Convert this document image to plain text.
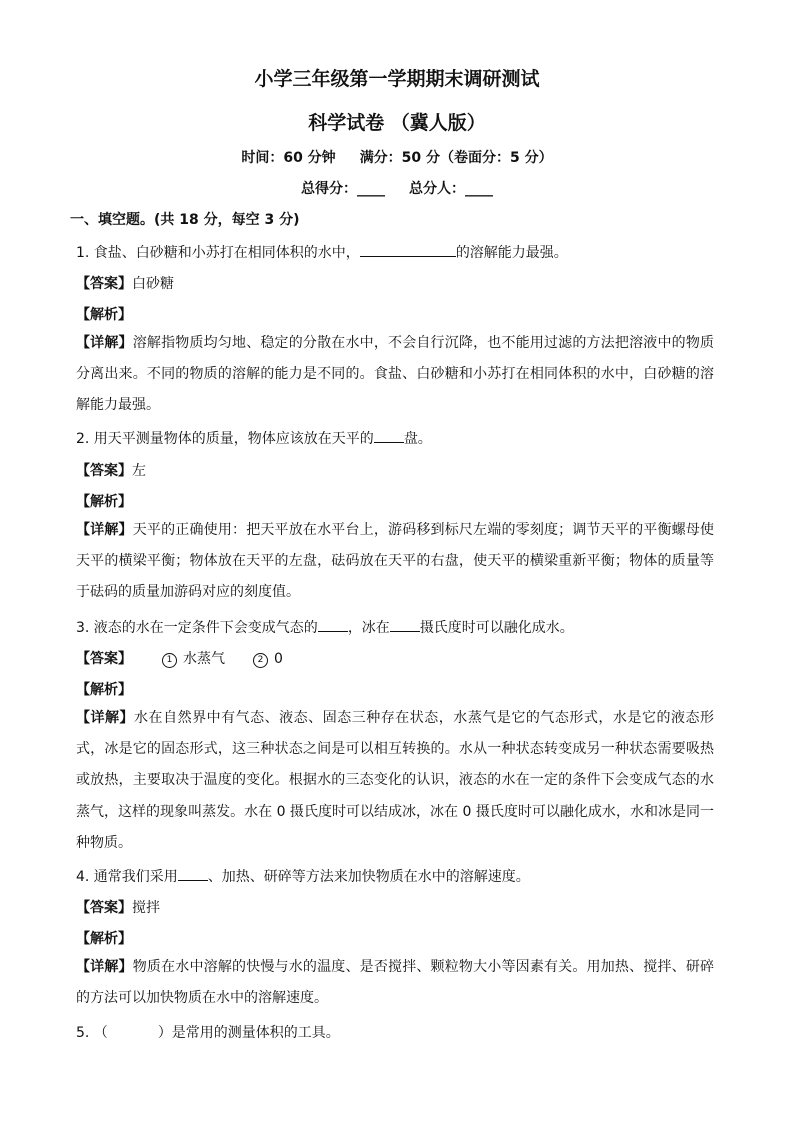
小学三年级第一学期期末调研测试
科学试卷 （冀人版）
时间：60 分钟 满分：50 分（卷面分：5 分）
总得分：____ 总分人：____
一、填空题。(共 18 分，每空 3 分)
1. 食盐、白砂糖和小苏打在相同体积的水中，	的溶解能力最强。
【答案】白砂糖
【解析】
【详解】溶解指物质均匀地、稳定的分散在水中，不会自行沉降，也不能用过滤的方法把溶液中的物质分离出来。不同的物质的溶解的能力是不同的。食盐、白砂糖和小苏打在相同体积的水中，白砂糖的溶解能力最强。
2. 用天平测量物体的质量，物体应该放在天平的 盘。
【答案】左
【解析】
【详解】天平的正确使用：把天平放在水平台上，游码移到标尺左端的零刻度；调节天平的平衡螺母使天平的横梁平衡；物体放在天平的左盘，砝码放在天平的右盘，使天平的横梁重新平衡；物体的质量等于砝码的质量加游码对应的刻度值。
3. 液态的水在一定条件下会变成气态的 ，冰在 摄氏度时可以融化成水。
【答案】	1 水蒸气	2 0
【解析】
【详解】水在自然界中有气态、液态、固态三种存在状态，水蒸气是它的气态形式，水是它的液态形式，冰是它的固态形式，这三种状态之间是可以相互转换的。水从一种状态转变成另一种状态需要吸热或放热，主要取决于温度的变化。根据水的三态变化的认识，液态的水在一定的条件下会变成气态的水蒸气，这样的现象叫蒸发。水在 0 摄氏度时可以结成冰，冰在 0 摄氏度时可以融化成水，水和冰是同一种物质。
4. 通常我们采用 、加热、研碎等方法来加快物质在水中的溶解速度。
【答案】搅拌
【解析】
【详解】物质在水中溶解的快慢与水的温度、是否搅拌、颗粒物大小等因素有关。用加热、搅拌、研碎的方法可以加快物质在水中的溶解速度。
5. （	）是常用的测量体积的工具。
